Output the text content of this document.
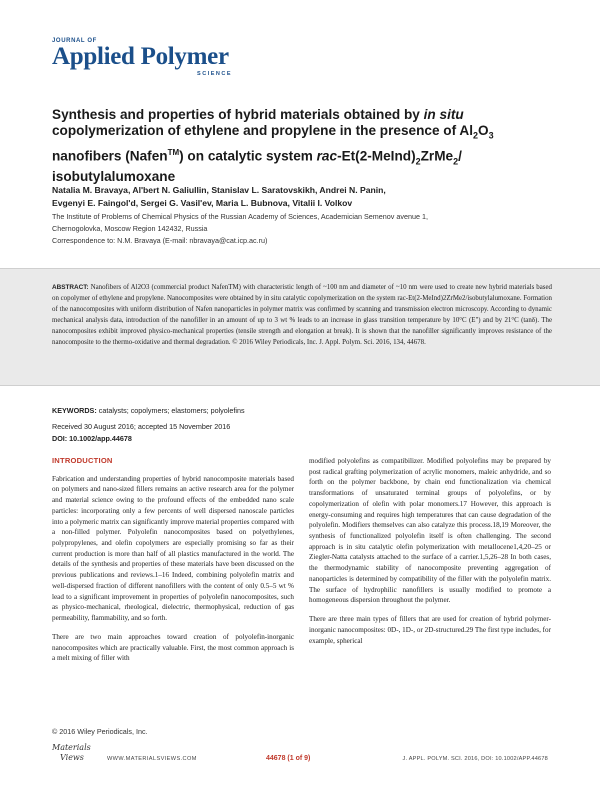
JOURNAL OF
Applied Polymer
SCIENCE
Synthesis and properties of hybrid materials obtained by in situ
copolymerization of ethylene and propylene in the presence of $Al_2O_3$
nanofibers (Nafen™) on catalytic system rac-$Et(2-MeInd)_2ZrMe_2/$
isobutylalumoxane
Natalia M. Bravaya, Al'bert N. Galiullin, Stanislav L. Saratovskikh, Andrei N. Panin,
Evgenyi E. Faingol'd, Sergei G. Vasil'ev, Maria L. Bubnova, Vitalii I. Volkov
The Institute of Problems of Chemical Physics of the Russian Academy of Sciences, Academician Semenov avenue 1,
Chernogolovka, Moscow Region 142432, Russia
Correspondence to: N.M. Bravaya (E-mail: nbravaya@cat.icp.ac.ru)
ABSTRACT: Nanofibers of Al2O3 (commercial product NafenTM) with characteristic length of ~100 nm and diameter of ~10 nm were used to create new hybrid materials based on copolymer of ethylene and propylene. Nanocomposites were obtained by in situ catalytic copolymerization on the system rac-Et(2-MeInd)2ZrMe2/isobutylalumoxane. Formation of the nanocomposites with uniform distribution of Nafen nanoparticles in polymer matrix was confirmed by scanning and transmission electron microscopy. According to dynamic mechanical analysis data, introduction of the nanofiller in an amount of up to 3 wt % leads to an increase in glass transition temperature by 10°C (E") and by 21°C (tanδ). The nanocomposites exhibit improved physico-mechanical properties (tensile strength and elongation at break). It is shown that the nanofiller significantly improves resistance of the nanocomposite to the thermo-oxidative and thermal degradation. © 2016 Wiley Periodicals, Inc. J. Appl. Polym. Sci. 2016, 134, 44678.
KEYWORDS: catalysts; copolymers; elastomers; polyolefins
Received 30 August 2016; accepted 15 November 2016
DOI: 10.1002/app.44678
INTRODUCTION

Fabrication and understanding properties of hybrid nanocomposite materials based on polymers and nano-sized fillers remains an active research area for the polymer and material science owing to the profound effects of the embedded nano scale particles: incorporating only a few percents of well dispersed nanoscale particles into a polymeric matrix can significantly improve material properties compared with a non-filled polymer. Polyolefin nanocomposites based on polyethylenes, polypropylenes, and olefin copolymers are especially promising so far as their current production is more than half of all plastics manufactured in the world. The details of the synthesis and properties of these materials have been discussed on the previous publications and reviews.1–16 Indeed, combining polyolefin matrix and well-dispersed fraction of different nanofillers with the content of only 0.5–5 wt % lead to a significant improvement in properties of polyolefin nanocomposites, such as physico-mechanical, rheological, dielectric, thermophysical, reduction of gas permeability, flammability, and so forth.

There are two main approaches toward creation of polyolefin-inorganic nanocomposites which are practically valuable. First, the most common approach is a melt mixing of filler with

modified polyolefins as compatibilizer. Modified polyolefins may be prepared by post radical grafting polymerization of acrylic monomers, maleic anhydride, and so forth on the polymer backbone, by chain end functionalization via chemical transformations of unsaturated terminal groups of polyolefins, or by copolymerization of olefin with polar monomers.17 However, this approach is energy-consuming and requires high temperatures that can cause degradation of the polyolefin. Modifiers themselves can also catalyze this process.18,19 Moreover, the synthesis of functionalized polyolefin itself is often challenging. The second approach is in situ catalytic olefin polymerization with metallocene1,4,20–25 or Ziegler-Natta catalysts attached to the surface of a carrier.1,5,26–28 In both cases, the thermodynamic stability of nanocomposite preventing aggregation of nanoparticles is determined by compatibility of the filler with the polyolefin matrix. The surface of hydrophilic nanofillers is usually modified to promote a homogeneous dispersion throughout the polymer.

There are three main types of fillers that are used for creation of hybrid polymer-inorganic nanocomposites: 0D-, 1D-, or 2D-structured.29 The first type includes, for example, spherical

© 2016 Wiley Periodicals, Inc.
Materials
Views	WWW.MATERIALSVIEWS.COM	44678 (1 of 9)	J. APPL. POLYM. SCI. 2016, DOI: 10.1002/APP.44678
